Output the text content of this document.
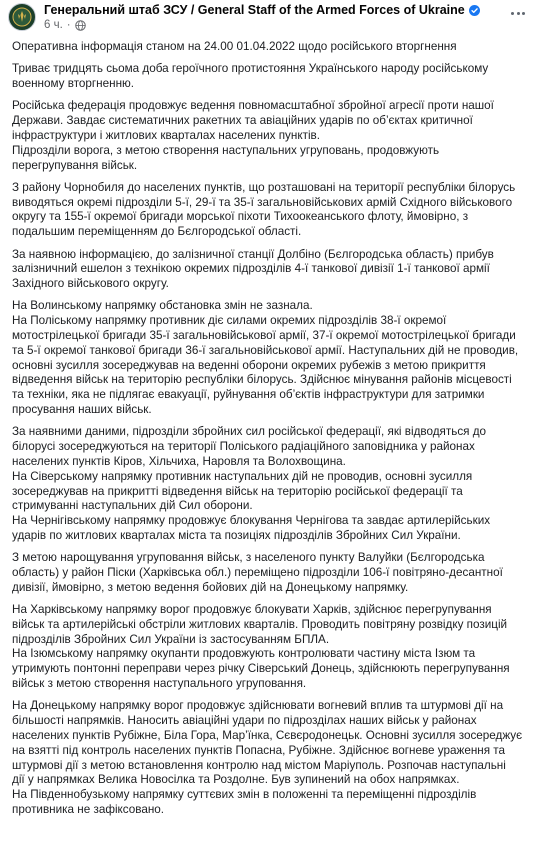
Генеральний штаб ЗСУ / General Staff of the Armed Forces of Ukraine
6 ч. ·
Оперативна інформація станом на 24.00 01.04.2022 щодо російського вторгнення
Триває тридцять сьома доба героїчного протистояння Українського народу російському
военному вторгненню.
Російська федерація продовжує ведення повномасштабної збройної агресії проти нашої
Держави. Завдає систематичних ракетних та авіаційних ударів по об’єктах критичної
інфраструктури і житлових кварталах населених пунктів.
Підрозділи ворога, з метою створення наступальних угруповань, продовжують
перегрупування військ.
З району Чорнобиля до населених пунктів, що розташовані на території республіки білорусь
виводяться окремі підрозділи 5-ї, 29-ї та 35-ї загальновійськових армій Східного військового
округу та 155-ї окремої бригади морської піхоти Тихоокеанського флоту, ймовірно, з
подальшим переміщенням до Бєлгородської області.
За наявною інформацією, до залізничної станції Долбіно (Бєлгородська область) прибув
залізничний ешелон з технікою окремих підрозділів 4-ї танкової дивізії 1-ї танкової армії
Західного військового округу.
На Волинському напрямку обстановка змін не зазнала.
На Поліському напрямку противник діє силами окремих підрозділів 38-ї окремої
мотострілецької бригади 35-ї загальновійськової армії, 37-ї окремої мотострілецької бригади
та 5-ї окремої танкової бригади 36-ї загальновійськової армії. Наступальних дій не проводив,
основні зусилля зосереджував на веденні оборони окремих рубежів з метою прикриття
відведення військ на територію республіки білорусь. Здійснює мінування районів місцевості
та техніки, яка не підлягає евакуації, руйнування об’єктів інфраструктури для затримки
просування наших військ.
За наявними даними, підрозділи збройних сил російської федерації, які відводяться до
білорусі зосереджуються на території Поліського радіаційного заповідника у районах
населених пунктів Кіров, Хільчиха, Наровля та Волохвощина.
На Сіверському напрямку противник наступальних дій не проводив, основні зусилля
зосереджував на прикритті відведення військ на територію російської федерації та
стримуванні наступальних дій Сил оборони.
На Чернігівському напрямку продовжує блокування Чернігова та завдає артилерійських
ударів по житлових кварталах міста та позиціях підрозділів Збройних Сил України.
З метою нарощування угруповання військ, з населеного пункту Валуйки (Бєлгородська
область) у район Піски (Харківська обл.) переміщено підрозділи 106-ї повітряно-десантної
дивізії, ймовірно, з метою ведення бойових дій на Донецькому напрямку.
На Харківському напрямку ворог продовжує блокувати Харків, здійснює перегрупування
військ та артилерійські обстріли житлових кварталів. Проводить повітряну розвідку позицій
підрозділів Збройних Сил України із застосуванням БПЛА.
На Ізюмському напрямку окупанти продовжують контролювати частину міста Ізюм та
утримують понтонні переправи через річку Сіверський Донець, здійснюють перегрупування
військ з метою створення наступального угруповання.
На Донецькому напрямку ворог продовжує здійснювати вогневий вплив та штурмові дії на
більшості напрямків. Наносить авіаційні удари по підрозділах наших військ у районах
населених пунктів Рубіжне, Біла Гора, Мар’їнка, Сєвєродонецьк. Основні зусилля зосереджує
на взятті під контроль населених пунктів Попасна, Рубіжне. Здійснює вогневе ураження та
штурмові дії з метою встановлення контролю над містом Маріуполь. Розпочав наступальні
дії у напрямках Велика Новосілка та Роздолне. Був зупинений на обох напрямках.
На Південнобузькому напрямку суттєвих змін в положенні та переміщенні підрозділів
противника не зафіксовано.
